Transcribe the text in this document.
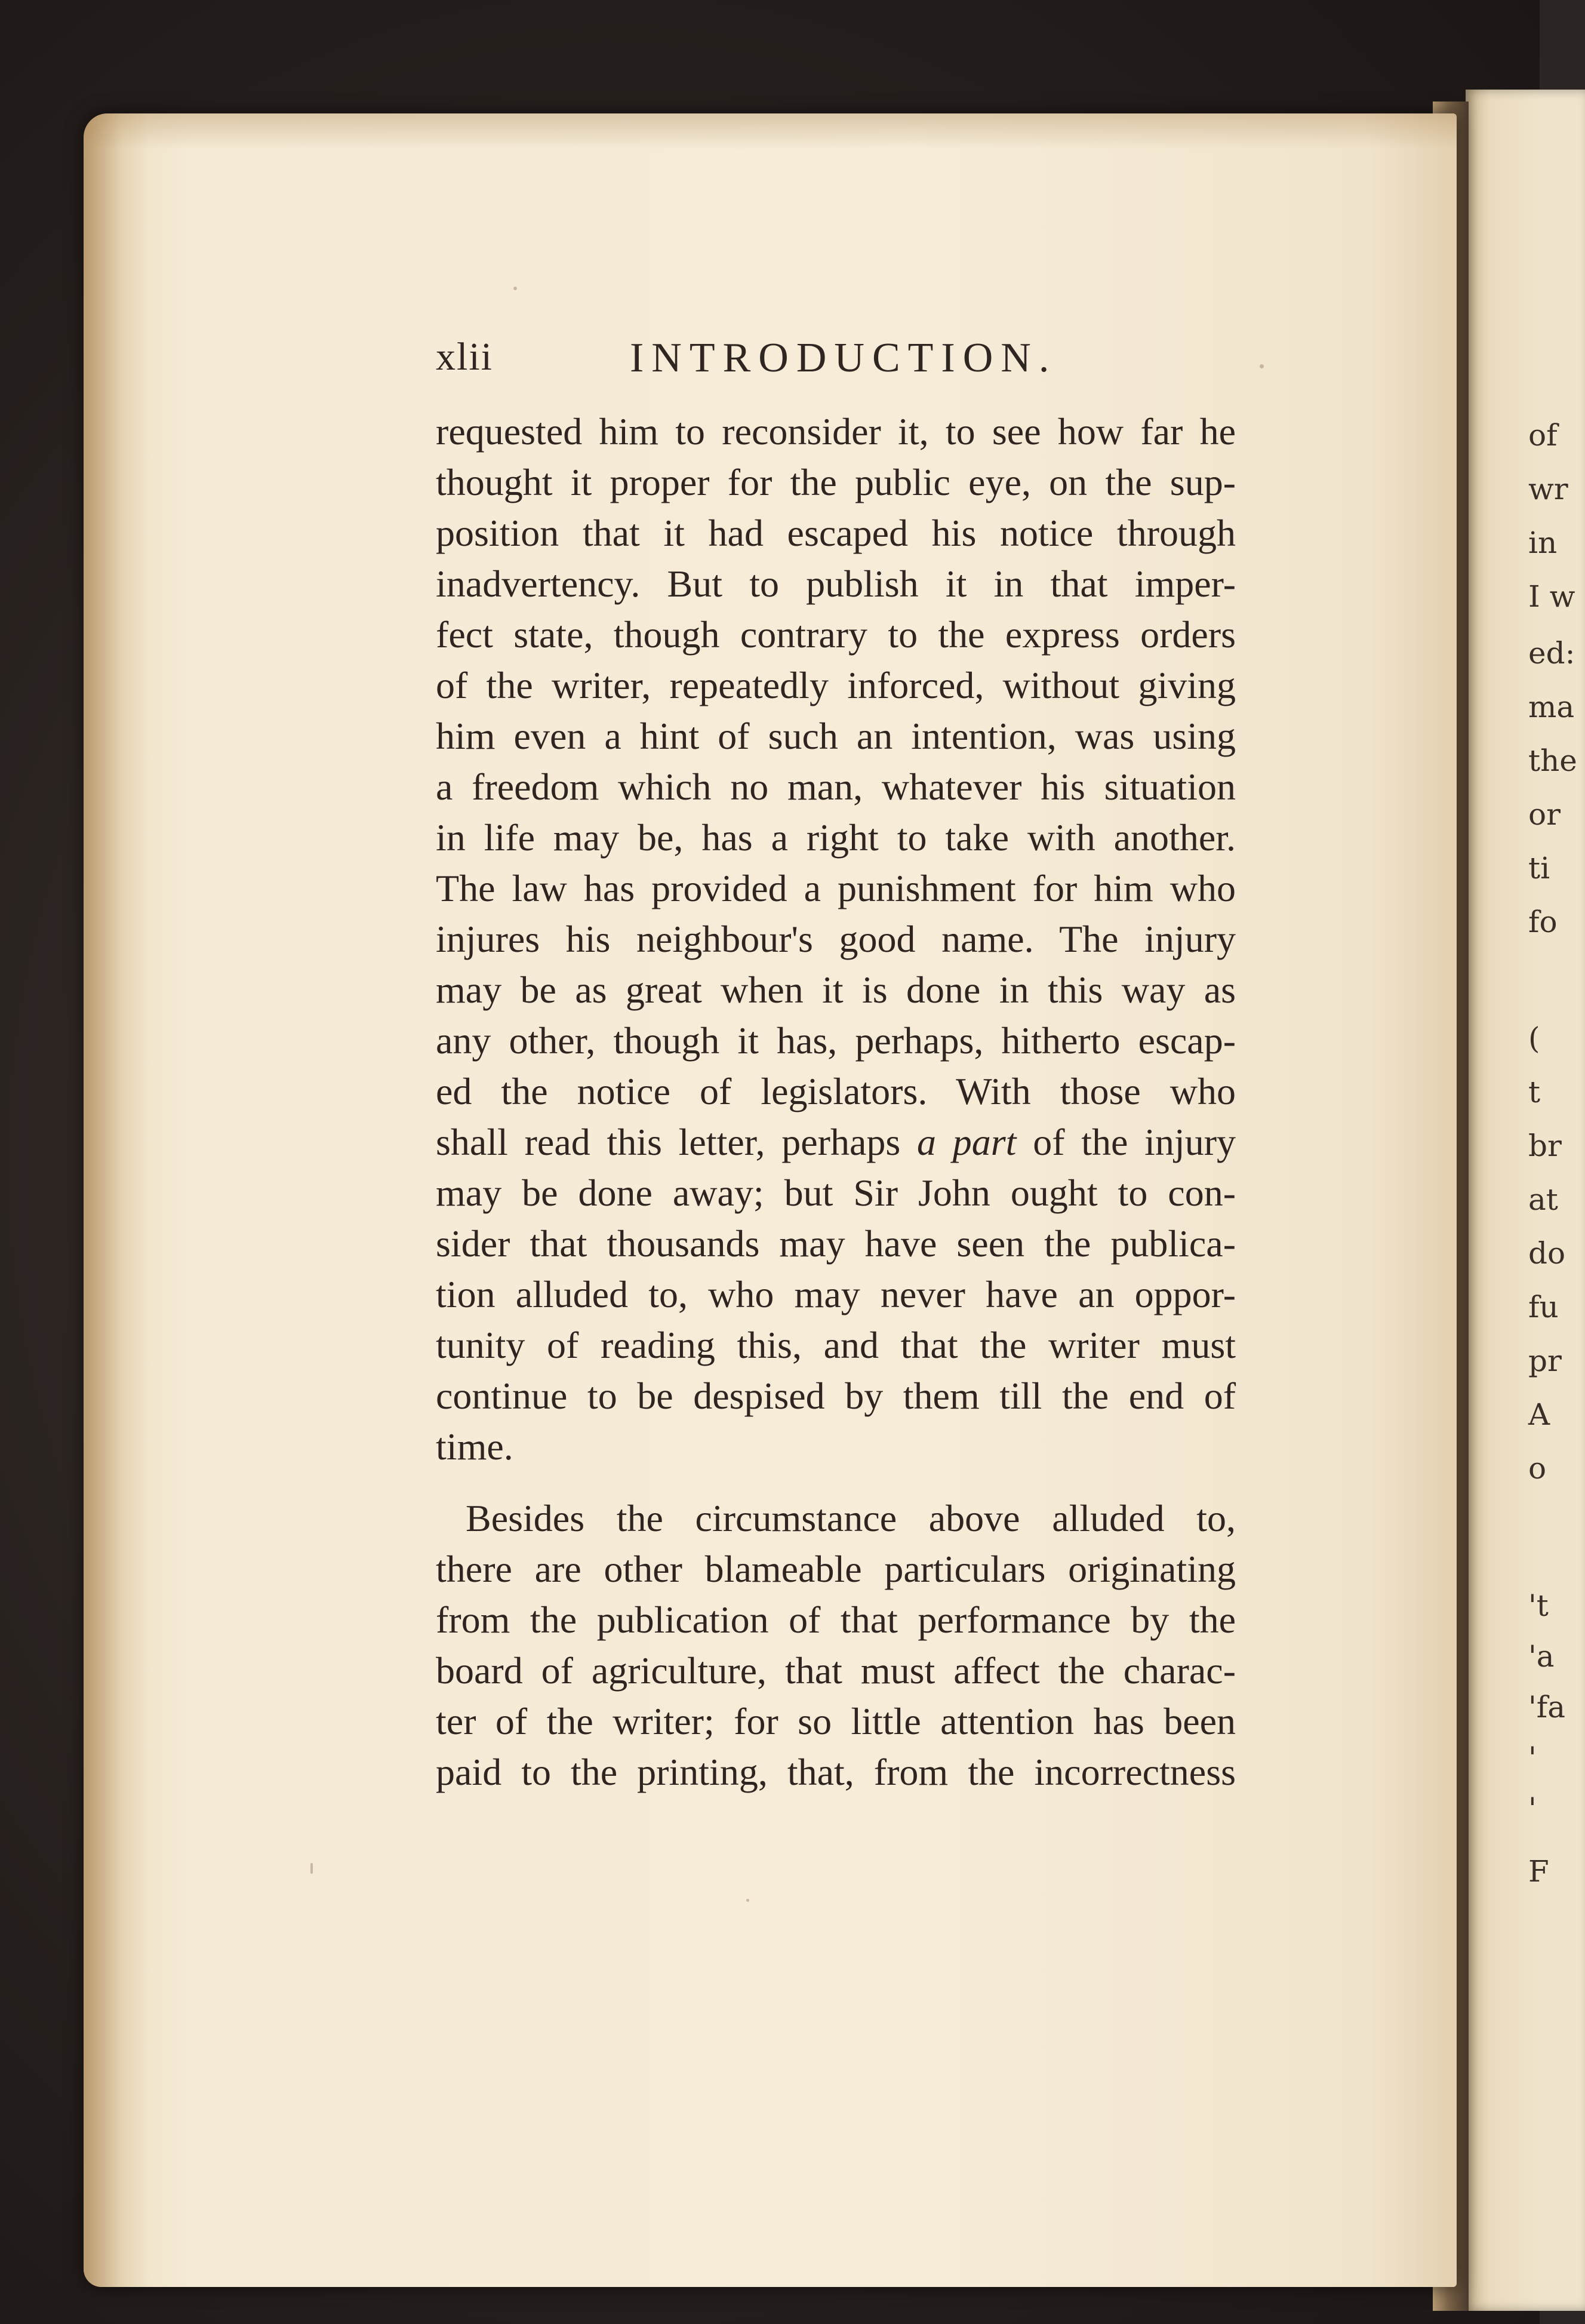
xlii	INTRODUCTION.
requested him to reconsider it, to see how far he
thought it proper for the public eye, on the sup-
position that it had escaped his notice through
inadvertency. But to publish it in that imper-
fect state, though contrary to the express orders
of the writer, repeatedly inforced, without giving
him even a hint of such an intention, was using
a freedom which no man, whatever his situation
in life may be, has a right to take with another.
The law has provided a punishment for him who
injures his neighbour's good name. The injury
may be as great when it is done in this way as
any other, though it has, perhaps, hitherto escap-
ed the notice of legislators. With those who
shall read this letter, perhaps a part of the injury
may be done away; but Sir John ought to con-
sider that thousands may have seen the publica-
tion alluded to, who may never have an oppor-
tunity of reading this, and that the writer must
continue to be despised by them till the end of
time.
Besides the circumstance above alluded to,
there are other blameable particulars originating
from the publication of that performance by the
board of agriculture, that must affect the charac-
ter of the writer; for so little attention has been
paid to the printing, that, from the incorrectness
of
wr
in
I w
ed:
ma
the
or
ti
fo
(
t
br
at
do
fu
pr
A
o
't
'a
'fa
'
'
F
